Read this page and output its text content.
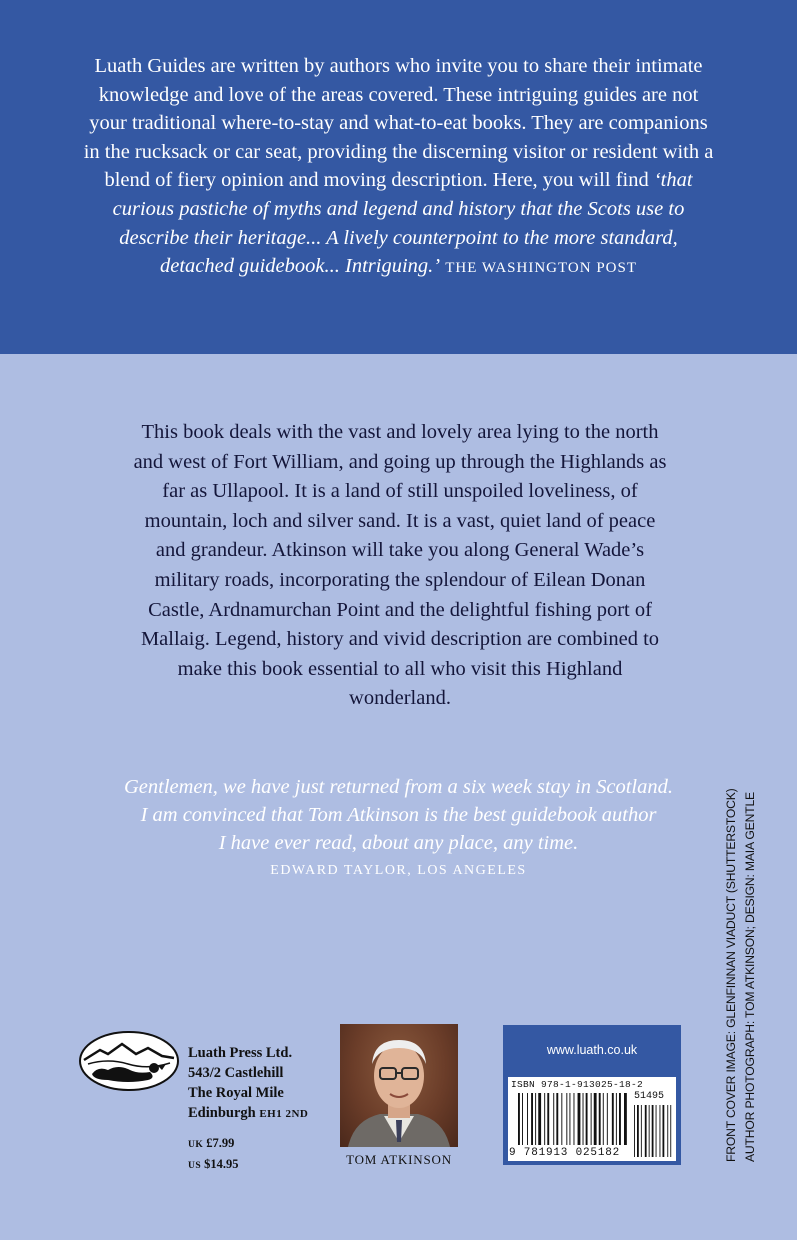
Luath Guides are written by authors who invite you to share their intimate knowledge and love of the areas covered. These intriguing guides are not your traditional where-to-stay and what-to-eat books. They are companions in the rucksack or car seat, providing the discerning visitor or resident with a blend of fiery opinion and moving description. Here, you will find ‘that curious pastiche of myths and legend and history that the Scots use to describe their heritage... A lively counterpoint to the more standard, detached guidebook... Intriguing.’ THE WASHINGTON POST

This book deals with the vast and lovely area lying to the north and west of Fort William, and going up through the Highlands as far as Ullapool. It is a land of still unspoiled loveliness, of mountain, loch and silver sand. It is a vast, quiet land of peace and grandeur. Atkinson will take you along General Wade’s military roads, incorporating the splendour of Eilean Donan Castle, Ardnamurchan Point and the delightful fishing port of Mallaig. Legend, history and vivid description are combined to make this book essential to all who visit this Highland wonderland.

Gentlemen, we have just returned from a six week stay in Scotland.
I am convinced that Tom Atkinson is the best guidebook author
I have ever read, about any place, any time.
EDWARD TAYLOR, LOS ANGELES
Luath Press Ltd.
543/2 Castlehill
The Royal Mile
Edinburgh EH1 2ND
UK £7.99
US $14.95	TOM ATKINSON
www.luath.co.uk
ISBN 978-1-913025-18-2
51495
9 781913 025182	FRONT COVER IMAGE: GLENFINNAN VIADUCT (SHUTTERSTOCK) AUTHOR PHOTOGRAPH: TOM ATKINSON; DESIGN: MAIA GENTLE
